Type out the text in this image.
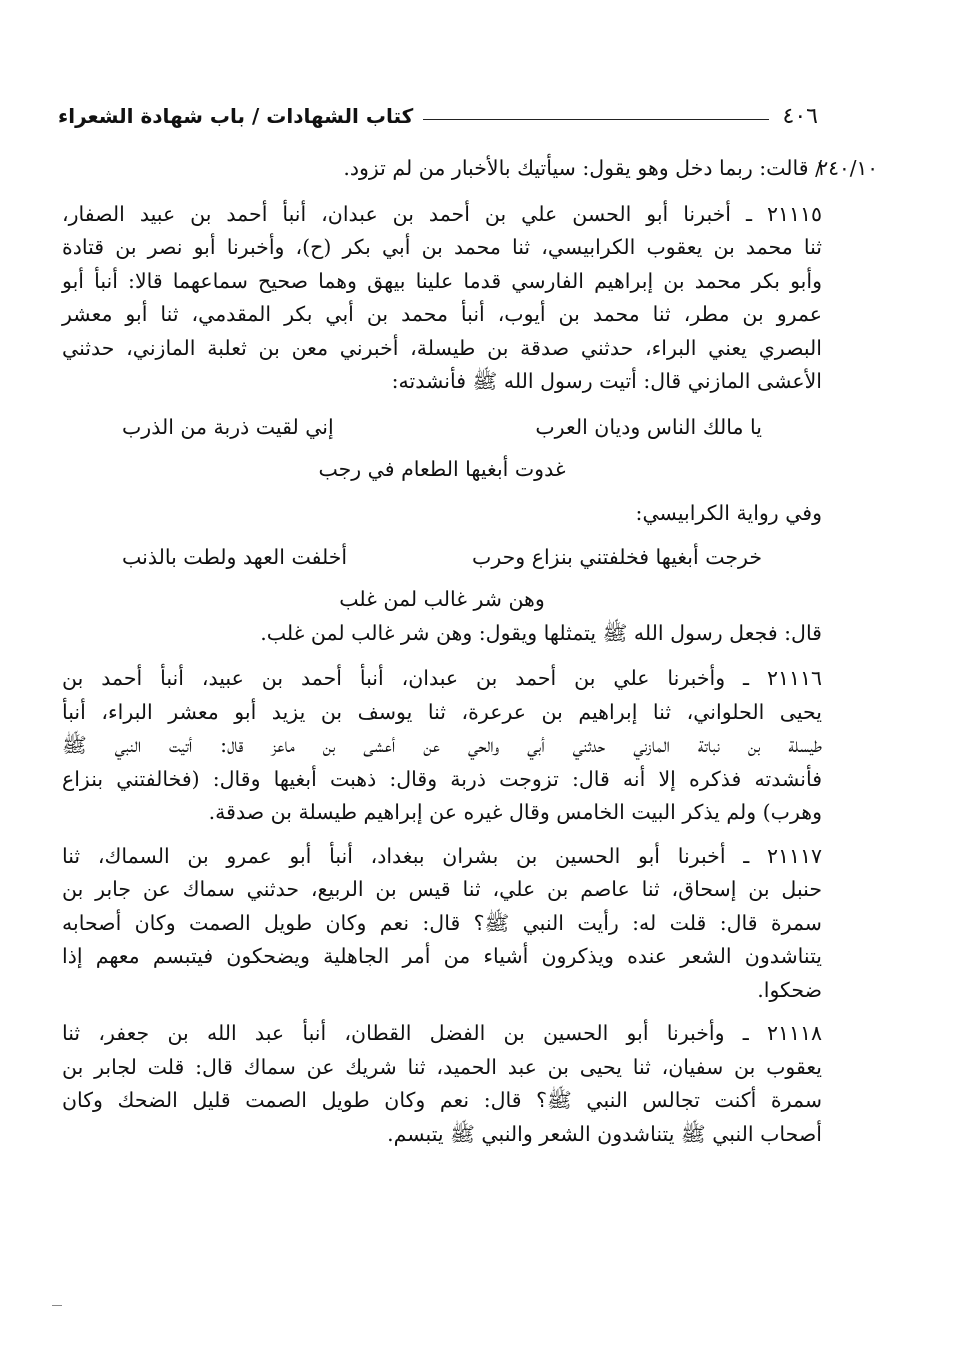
كتاب الشهادات / باب شهادة الشعراء	٤٠٦
/ قالت: ربما دخل وهو يقول: سيأتيك بالأخبار من لم تزود.
٢٤٠/١٠

٢١١١٥ ـ أخبرنا أبو الحسن علي بن أحمد بن عبدان، أنبأ أحمد بن عبيد الصفار،
ثنا محمد بن يعقوب الكرابيسي، ثنا محمد بن أبي بكر (ح)، وأخبرنا أبو نصر بن قتادة
وأبو بكر محمد بن إبراهيم الفارسي قدما علينا بيهق وهما صحيح سماعهما قالا: أنبأ أبو
عمرو بن مطر، ثنا محمد بن أيوب، أنبأ محمد بن أبي بكر المقدمي، ثنا أبو معشر
البصري يعني البراء، حدثني صدقة بن طيسلة، أخبرني معن بن ثعلبة المازني، حدثني
الأعشى المازني قال: أتيت رسول الله ﷺ فأنشدته:

يا مالك الناس وديان العرب
إني لقيت ذربة من الذرب
غدوت أبغيها الطعام في رجب
وفي رواية الكرابيسي:
خرجت أبغيها فخلفتني بنزاع وحرب
أخلفت العهد ولطت بالذنب
وهن شر غالب لمن غلب

قال: فجعل رسول الله ﷺ يتمثلها ويقول: وهن شر غالب لمن غلب.

٢١١١٦ ـ وأخبرنا علي بن أحمد بن عبدان، أنبأ أحمد بن عبيد، أنبأ أحمد بن
يحيى الحلواني، ثنا إبراهيم بن عرعرة، ثنا يوسف بن يزيد أبو معشر البراء، أنبأ
طيسلة بن نباتة المازني حدثني أبي والحي عن أعشى بن ماعز قال: أتيت النبي ﷺ
فأنشدته فذكره إلا أنه قال: تزوجت ذربة وقال: ذهبت أبغيها وقال: (فخالفتني بنزاع
وهرب) ولم يذكر البيت الخامس وقال غيره عن إبراهيم طيسلة بن صدقة.

٢١١١٧ ـ أخبرنا أبو الحسين بن بشران ببغداد، أنبأ أبو عمرو بن السماك، ثنا
حنبل بن إسحاق، ثنا عاصم بن علي، ثنا قيس بن الربيع، حدثني سماك عن جابر بن
سمرة قال: قلت له: رأيت النبي ﷺ؟ قال: نعم وكان طويل الصمت وكان أصحابه
يتناشدون الشعر عنده ويذكرون أشياء من أمر الجاهلية ويضحكون فيتبسم معهم إذا
ضحكوا.

٢١١١٨ ـ وأخبرنا أبو الحسين بن الفضل القطان، أنبأ عبد الله بن جعفر، ثنا
يعقوب بن سفيان، ثنا يحيى بن عبد الحميد، ثنا شريك عن سماك قال: قلت لجابر بن
سمرة أكنت تجالس النبي ﷺ؟ قال: نعم وكان طويل الصمت قليل الضحك وكان
أصحاب النبي ﷺ يتناشدون الشعر والنبي ﷺ يتبسم.
